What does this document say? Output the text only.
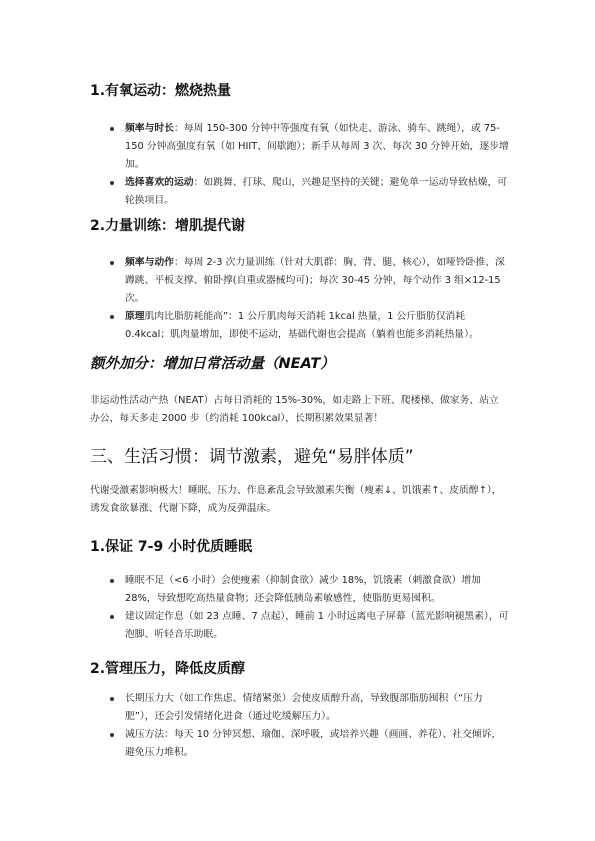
1.有氧运动：燃烧热量
频率与时长：每周 150-300 分钟中等强度有氧（如快走、游泳、骑车、跳绳），或 75-150 分钟高强度有氧（如 HIIT、间歇跑）；新手从每周 3 次、每次 30 分钟开始，逐步增加。
选择喜欢的运动：如跳舞、打球、爬山，兴趣是坚持的关键；避免单一运动导致枯燥，可轮换项目。
2.力量训练：增肌提代谢
频率与动作：每周 2-3 次力量训练（针对大肌群：胸、背、腿、核心），如哑铃卧推、深蹲跳、平板支撑、俯卧撑(自重或器械均可)；每次 30-45 分钟，每个动作 3 组×12-15 次。
原理肌肉比脂肪耗能高”：1 公斤肌肉每天消耗 1kcal 热量，1 公斤脂肪仅消耗 0.4kcal；肌肉量增加，即使不运动，基础代谢也会提高（躺着也能多消耗热量）。
额外加分：增加日常活动量（NEAT）

非运动性活动产热（NEAT）占每日消耗的 15%-30%，如走路上下班、爬楼梯、做家务、站立办公，每天多走 2000 步（约消耗 100kcal），长期积累效果显著！

三、生活习惯：调节激素，避免“易胖体质”

代谢受激素影响极大！睡眠、压力、作息紊乱会导致激素失衡（瘦素↓、饥饿素↑、皮质醇↑），诱发食欲暴涨、代谢下降，成为反弹温床。

1.保证 7-9 小时优质睡眠
睡眠不足（<6 小时）会使瘦素（抑制食欲）减少 18%，饥饿素（刺激食欲）增加 28%，导致想吃高热量食物；还会降低胰岛素敏感性，使脂肪更易囤积。
建议固定作息（如 23 点睡、7 点起），睡前 1 小时远离电子屏幕（蓝光影响褪黑素），可泡脚、听轻音乐助眠。
2.管理压力，降低皮质醇
长期压力大（如工作焦虑、情绪紧张）会使皮质醇升高，导致腹部脂肪囤积（“压力肥”），还会引发情绪化进食（通过吃缓解压力）。
减压方法：每天 10 分钟冥想、瑜伽、深呼吸，或培养兴趣（画画、养花）、社交倾诉，避免压力堆积。
